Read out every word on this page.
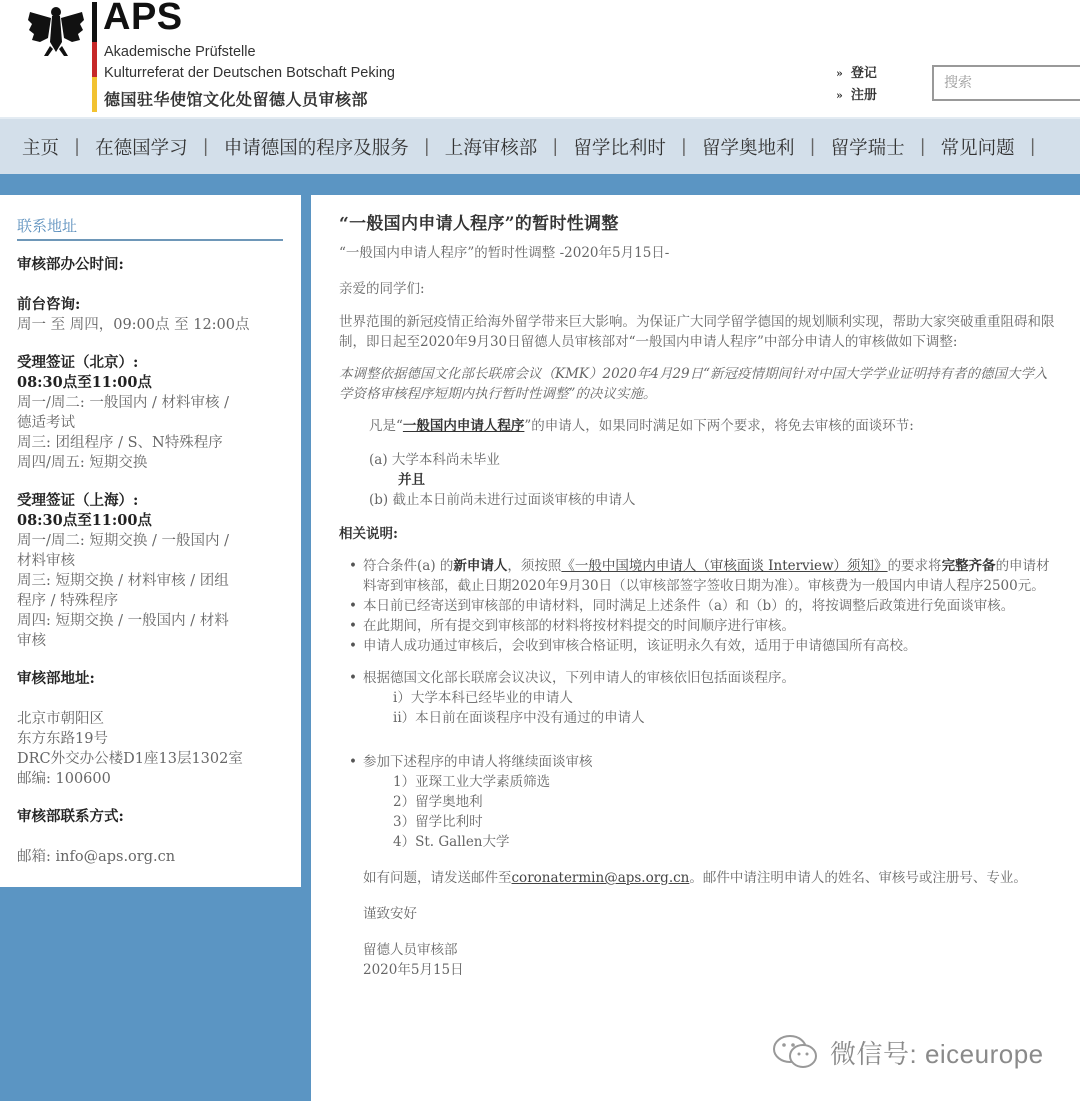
APS
Akademische Prüfstelle
Kulturreferat der Deutschen Botschaft Peking
德国驻华使馆文化处留德人员审核部
» 登记
» 注册
搜索
主页 | 在德国学习 | 申请德国的程序及服务 | 上海审核部 | 留学比利时 | 留学奥地利 | 留学瑞士 | 常见问题 |
联系地址
审核部办公时间:
前台咨询:
周一 至 周四，09:00点 至 12:00点
受理签证（北京）:
08:30点至11:00点
周一/周二: 一般国内 / 材料审核 /
德适考试
周三: 团组程序 / S、N特殊程序
周四/周五: 短期交换
受理签证（上海）:
08:30点至11:00点
周一/周二: 短期交换 / 一般国内 /
材料审核
周三: 短期交换 / 材料审核 / 团组
程序 / 特殊程序
周四: 短期交换 / 一般国内 / 材料
审核
审核部地址:
北京市朝阳区
东方东路19号
DRC外交办公楼D1座13层1302室
邮编: 100600
审核部联系方式:
邮箱: info@aps.org.cn
“一般国内申请人程序”的暂时性调整
“一般国内申请人程序”的暂时性调整 -2020年5月15日-
亲爱的同学们:
世界范围的新冠疫情正给海外留学带来巨大影响。为保证广大同学留学德国的规划顺利实现，帮助大家突破重重阻碍和限制，即日起至2020年9月30日留德人员审核部对“一般国内申请人程序”中部分申请人的审核做如下调整:
本调整依据德国文化部长联席会议（KMK）2020年4月29日“新冠疫情期间针对中国大学学业证明持有者的德国大学入学资格审核程序短期内执行暂时性调整”的决议实施。
凡是“一般国内申请人程序”的申请人，如果同时满足如下两个要求，将免去审核的面谈环节:
(a) 大学本科尚未毕业
并且
(b) 截止本日前尚未进行过面谈审核的申请人
相关说明:
• 符合条件(a) 的新申请人，须按照《一般中国境内申请人（审核面谈 Interview）须知》的要求将完整齐备的申请材料寄到审核部，截止日期2020年9月30日（以审核部签字签收日期为准）。审核费为一般国内申请人程序2500元。
• 本日前已经寄送到审核部的申请材料，同时满足上述条件（a）和（b）的，将按调整后政策进行免面谈审核。
• 在此期间，所有提交到审核部的材料将按材料提交的时间顺序进行审核。
• 申请人成功通过审核后，会收到审核合格证明，该证明永久有效，适用于申请德国所有高校。
• 根据德国文化部长联席会议决议，下列申请人的审核依旧包括面谈程序。
i）大学本科已经毕业的申请人
ii）本日前在面谈程序中没有通过的申请人
• 参加下述程序的申请人将继续面谈审核
1）亚琛工业大学素质筛选
2）留学奥地利
3）留学比利时
4）St. Gallen大学
如有问题，请发送邮件至coronatermin@aps.org.cn。邮件中请注明申请人的姓名、审核号或注册号、专业。
谨致安好
留德人员审核部
2020年5月15日
微信号: eiceurope
